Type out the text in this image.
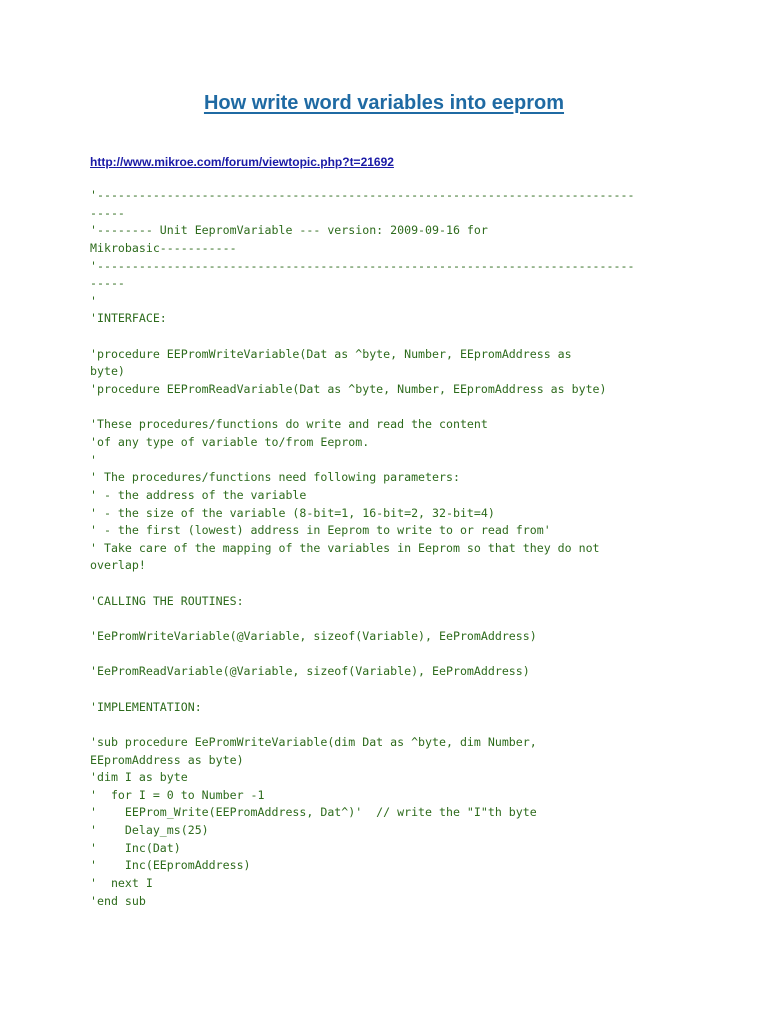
How write word variables into eeprom
http://www.mikroe.com/forum/viewtopic.php?t=21692
'-----------------------------------------------------------------------------
-----
'-------- Unit EepromVariable --- version: 2009-09-16 for
Mikrobasic-----------
'-----------------------------------------------------------------------------
-----
'
'INTERFACE:
'procedure EEPromWriteVariable(Dat as ^byte, Number, EEpromAddress as
byte)
'procedure EEPromReadVariable(Dat as ^byte, Number, EEpromAddress as byte)
'These procedures/functions do write and read the content
'of any type of variable to/from Eeprom.
'
' The procedures/functions need following parameters:
' - the address of the variable
' - the size of the variable (8-bit=1, 16-bit=2, 32-bit=4)
' - the first (lowest) address in Eeprom to write to or read from'
' Take care of the mapping of the variables in Eeprom so that they do not
overlap!
'CALLING THE ROUTINES:
'EePromWriteVariable(@Variable, sizeof(Variable), EePromAddress)
'EePromReadVariable(@Variable, sizeof(Variable), EePromAddress)
'IMPLEMENTATION:
'sub procedure EePromWriteVariable(dim Dat as ^byte, dim Number,
EEpromAddress as byte)
'dim I as byte
'  for I = 0 to Number -1
'    EEProm_Write(EEPromAddress, Dat^)'  // write the "I"th byte
'    Delay_ms(25)
'    Inc(Dat)
'    Inc(EEpromAddress)
'  next I
'end sub
